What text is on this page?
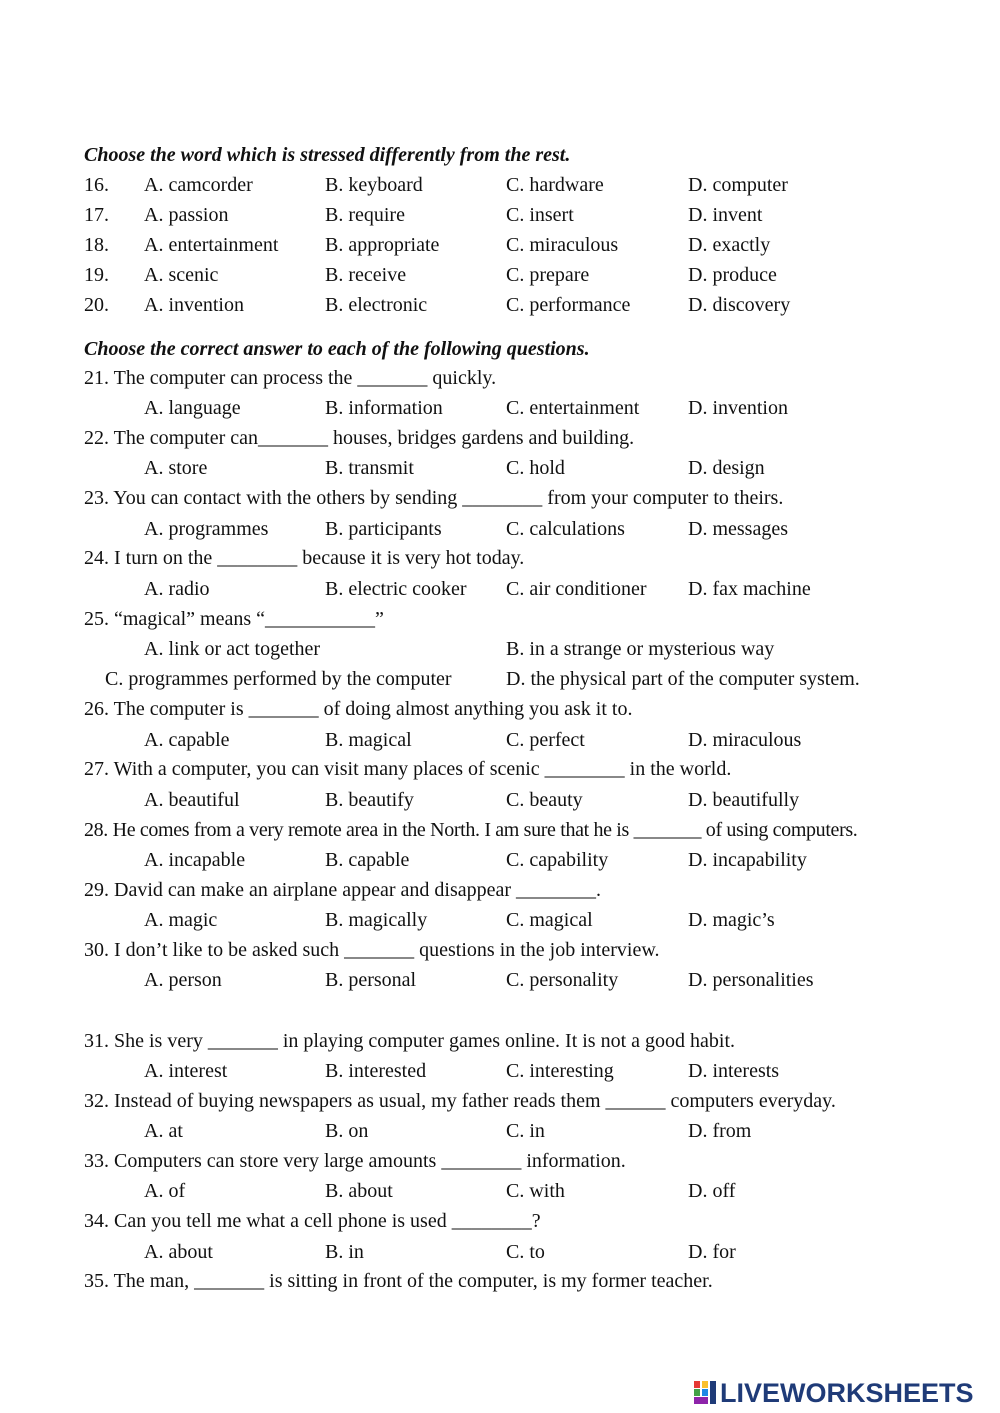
Choose the word which is stressed differently from the rest.
16. A. camcorder	B. keyboard	C. hardware	D. computer
17. A. passion	B. require	C. insert	D. invent
18. A. entertainment B. appropriate	C. miraculous	D. exactly
19. A. scenic	B. receive	C. prepare	D. produce
20. A. invention	B. electronic	C. performance	D. discovery
Choose the correct answer to each of the following questions.
21. The computer can process the _______ quickly.
A. language	B. information	C. entertainment D. invention
22. The computer can_______ houses, bridges gardens and building.
A. store	B. transmit	C. hold	D. design
23. You can contact with the others by sending ________ from your computer to theirs.
A. programmes	B. participants	C. calculations	D. messages
24. I turn on the ________ because it is very hot today.
A. radio	B. electric cooker C. air conditioner D. fax machine
25. “magical” means “___________”
A. link or act together	B. in a strange or mysterious way
C. programmes performed by the computer	D. the physical part of the computer system.
26. The computer is _______ of doing almost anything you ask it to.
A. capable	B. magical	C. perfect	D. miraculous
27. With a computer, you can visit many places of scenic ________ in the world.
A. beautiful	B. beautify	C. beauty	D. beautifully
28. He comes from a very remote area in the North. I am sure that he is _______ of using computers.
A. incapable	B. capable	C. capability	D. incapability
29. David can make an airplane appear and disappear ________.
A. magic	B. magically	C. magical	D. magic’s
30. I don’t like to be asked such _______ questions in the job interview.
A. person	B. personal	C. personality	D. personalities
31. She is very _______ in playing computer games online. It is not a good habit.
A. interest	B. interested	C. interesting	D. interests
32. Instead of buying newspapers as usual, my father reads them ______ computers everyday.
A. at	B. on	C. in	D. from
33. Computers can store very large amounts ________ information.
A. of	B. about	C. with	D. off
34. Can you tell me what a cell phone is used ________?
A. about	B. in	C. to	D. for
35. The man, _______ is sitting in front of the computer, is my former teacher.
LIVEWORKSHEETS
